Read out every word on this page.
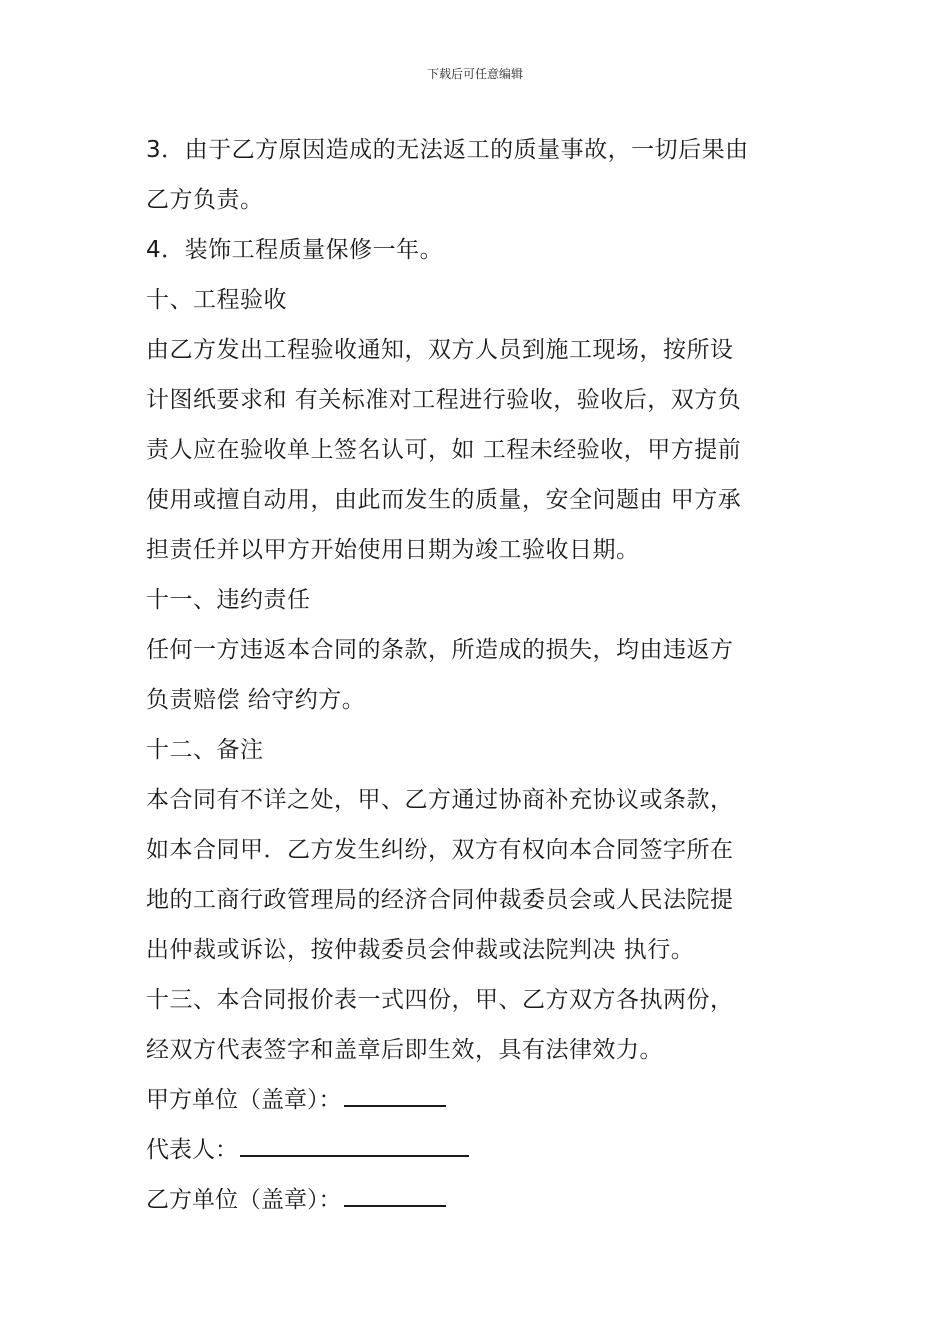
下载后可任意编辑
3．由于乙方原因造成的无法返工的质量事故，一切后果由
乙方负责。
4．装饰工程质量保修一年。
十、工程验收
由乙方发出工程验收通知，双方人员到施工现场，按所设
计图纸要求和 有关标准对工程进行验收，验收后，双方负
责人应在验收单上签名认可，如 工程未经验收，甲方提前
使用或擅自动用，由此而发生的质量，安全问题由 甲方承
担责任并以甲方开始使用日期为竣工验收日期。
十一、违约责任
任何一方违返本合同的条款，所造成的损失，均由违返方
负责赔偿 给守约方。
十二、备注
本合同有不详之处，甲、乙方通过协商补充协议或条款，
如本合同甲．乙方发生纠纷，双方有权向本合同签字所在
地的工商行政管理局的经济合同仲裁委员会或人民法院提
出仲裁或诉讼，按仲裁委员会仲裁或法院判决 执行。
十三、本合同报价表一式四份，甲、乙方双方各执两份，
经双方代表签字和盖章后即生效，具有法律效力。
甲方单位（盖章）：
代表人：
乙方单位（盖章）：
